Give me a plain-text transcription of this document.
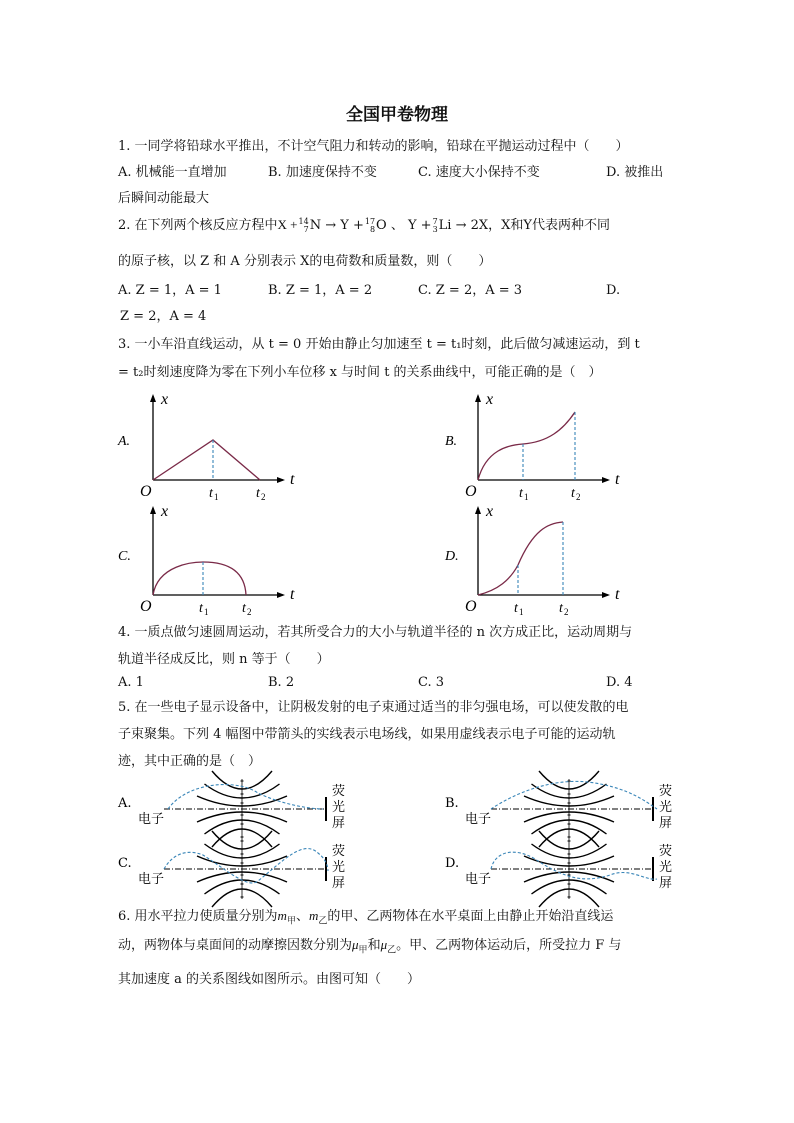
全国甲卷物理
1. 一同学将铅球水平推出，不计空气阻力和转动的影响，铅球在平抛运动过程中（　　）
A. 机械能一直增加	B. 加速度保持不变	C. 速度大小保持不变	D. 被推出
后瞬间动能最大
2. 在下列两个核反应方程中X + 14
7 N → Y + 17
8 O 、 Y + 7
3 Li → 2X，X和Y代表两种不同
的原子核，以 Z 和 A 分别表示 X的电荷数和质量数，则（　　）
A. Z = 1，A = 1	B. Z = 1，A = 2	C. Z = 2，A = 3	D.
Z = 2，A = 4
3. 一小车沿直线运动，从 t = 0 开始由静止匀加速至 t = t₁时刻，此后做匀减速运动，到 t
= t₂时刻速度降为零在下列小车位移 x 与时间 t 的关系曲线中，可能正确的是（　）
A.
x
t
O	t 1	t 2
B.
x
t
O	t 1	t 2
C.
x
t
O	t 1 t 2
D.
x
t
O	t 1	t 2
4. 一质点做匀速圆周运动，若其所受合力的大小与轨道半径的 n 次方成正比，运动周期与
轨道半径成反比，则 n 等于（　　）
A. 1	B. 2	C. 3	D. 4
5. 在一些电子显示设备中，让阴极发射的电子束通过适当的非匀强电场，可以使发散的电
子束聚集。下列 4 幅图中带箭头的实线表示电场线，如果用虚线表示电子可能的运动轨
迹，其中正确的是（　）
A.
电子
荧
光
屏
B.
电子
荧
光
屏
C.
电子
荧
光
屏
D.
电子
荧
光
屏
6. 用水平拉力使质量分别为$m_甲$、$m_乙$的甲、乙两物体在水平桌面上由静止开始沿直线运
动，两物体与桌面间的动摩擦因数分别为$\mu_甲$和$\mu_乙$。甲、乙两物体运动后，所受拉力 F 与
其加速度 a 的关系图线如图所示。由图可知（　　）
